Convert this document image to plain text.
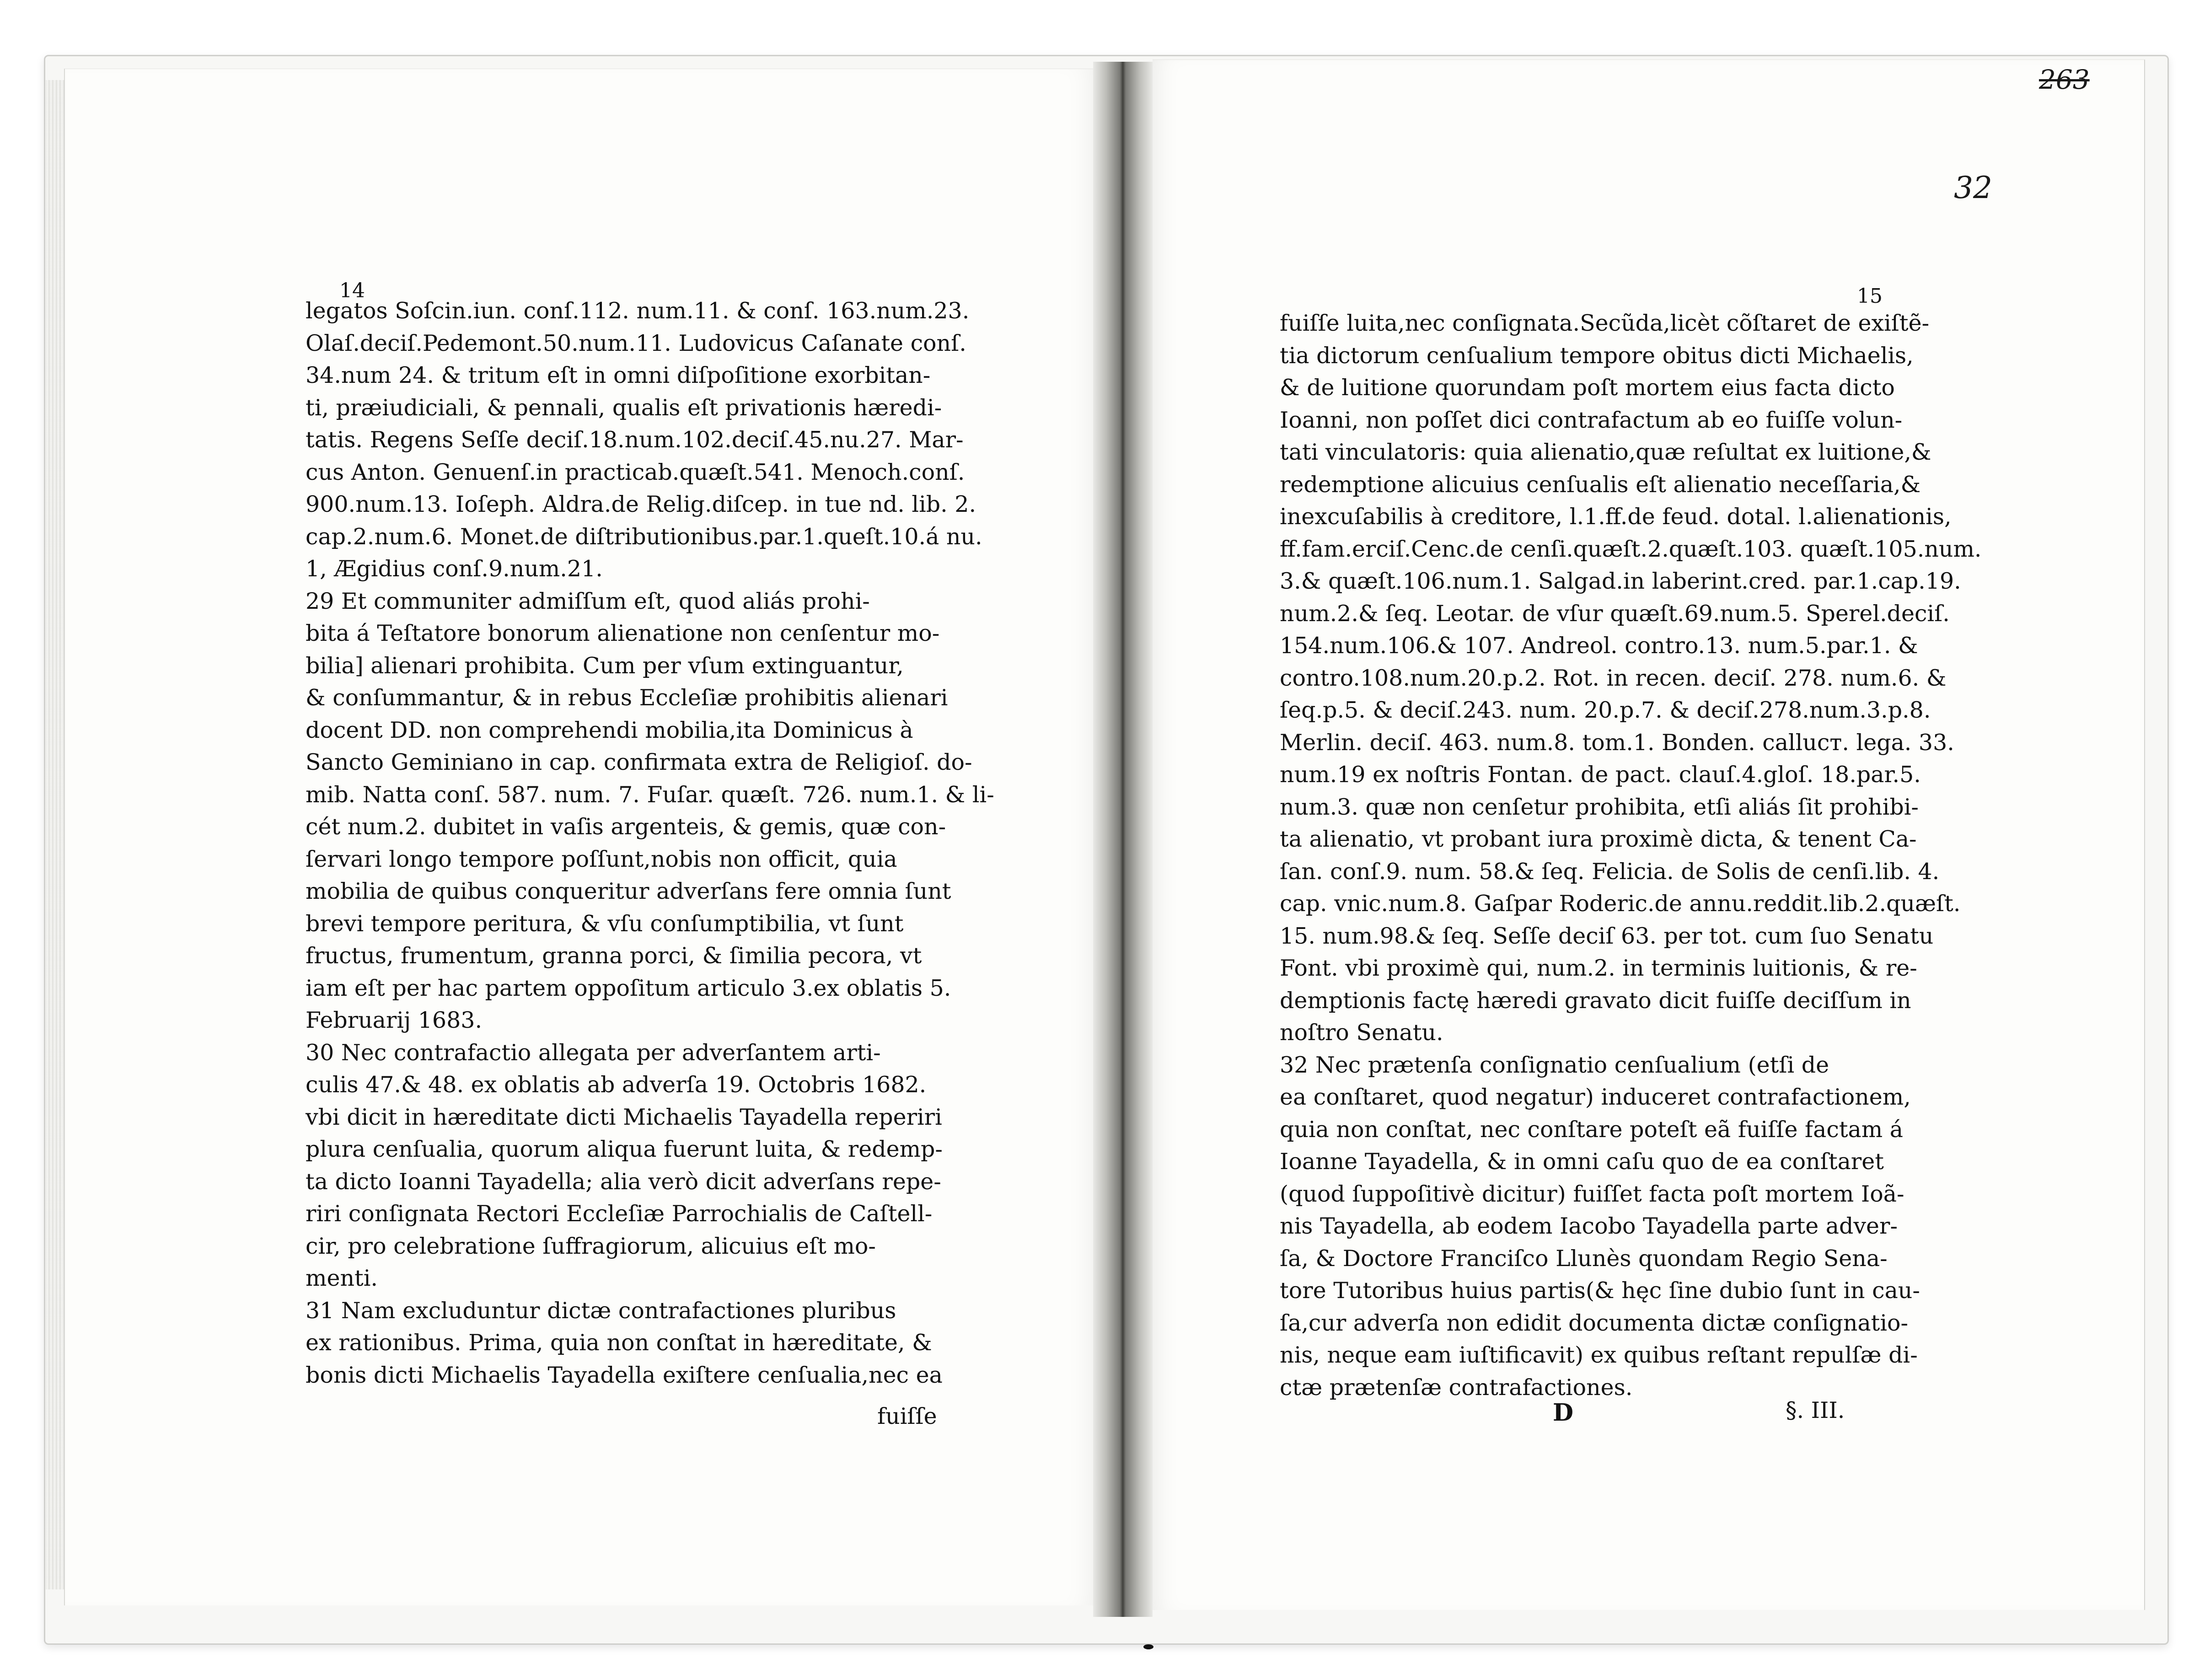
14	15
legatos Soſcin.iun. conſ.112. num.11. & conſ. 163.num.23.
Olaſ.deciſ.Pedemont.50.num.11. Ludovicus Caſanate conſ.
34.num 24. & tritum eſt in omni diſpoſitione exorbitan-
ti, præiudiciali, & pennali, qualis eſt privationis hæredi-
tatis. Regens Seſſe deciſ.18.num.102.deciſ.45.nu.27. Mar-
cus Anton. Genuenſ.in practicab.quæſt.541. Menoch.conſ.
900.num.13. Ioſeph. Aldra.de Relig.diſcep. in tue nd. lib. 2.
cap.2.num.6. Monet.de diſtributionibus.par.1.queſt.10.á nu.
1, Ægidius conſ.9.num.21.
29 Et communiter admiſſum eſt, quod aliás prohi-
bita á Teſtatore bonorum alienatione non cenſentur mo-
bilia] alienari prohibita. Cum per vſum extinguantur,
& conſummantur, & in rebus Eccleſiæ prohibitis alienari
docent DD. non comprehendi mobilia,ita Dominicus à
Sancto Geminiano in cap. confirmata extra de Religioſ. do-
mib. Natta conſ. 587. num. 7. Fuſar. quæſt. 726. num.1. & li-
cét num.2. dubitet in vaſis argenteis, & gemis, quæ con-
ſervari longo tempore poſſunt,nobis non officit, quia
mobilia de quibus conqueritur adverſans fere omnia ſunt
brevi tempore peritura, & vſu conſumptibilia, vt ſunt
fructus, frumentum, granna porci, & ſimilia pecora, vt
iam eſt per hac partem oppoſitum articulo 3.ex oblatis 5.
Februarij 1683.
30 Nec contrafactio allegata per adverſantem arti-
culis 47.& 48. ex oblatis ab adverſa 19. Octobris 1682.
vbi dicit in hæreditate dicti Michaelis Tayadella reperiri
plura cenſualia, quorum aliqua fuerunt luita, & redemp-
ta dicto Ioanni Tayadella; alia verò dicit adverſans repe-
riri conſignata Rectori Eccleſiæ Parrochialis de Caſtell-
cir, pro celebratione ſuffragiorum, alicuius eſt mo-
menti.
31 Nam excluduntur dictæ contrafactiones pluribus
ex rationibus. Prima, quia non conſtat in hæreditate, &
bonis dicti Michaelis Tayadella exiſtere cenſualia,nec ea
fuiſſe
fuiſſe luita,nec conſignata.Secũda,licèt cõſtaret de exiſtẽ-
tia dictorum cenſualium tempore obitus dicti Michaelis,
& de luitione quorundam poſt mortem eius facta dicto
Ioanni, non poſſet dici contrafactum ab eo fuiſſe volun-
tati vinculatoris: quia alienatio,quæ reſultat ex luitione,&
redemptione alicuius cenſualis eſt alienatio neceſſaria,&
inexcuſabilis à creditore, l.1.ff.de feud. dotal. l.alienationis,
ff.fam.erciſ.Cenc.de cenſi.quæſt.2.quæſt.103. quæſt.105.num.
3.& quæſt.106.num.1. Salgad.in laberint.cred. par.1.cap.19.
num.2.& ſeq. Leotar. de vſur quæſt.69.num.5. Sperel.deciſ.
154.num.106.& 107. Andreol. contro.13. num.5.par.1. &
contro.108.num.20.p.2. Rot. in recen. deciſ. 278. num.6. &
ſeq.p.5. & deciſ.243. num. 20.p.7. & deciſ.278.num.3.p.8.
Merlin. deciſ. 463. num.8. tom.1. Bonden. callucт. lega. 33.
num.19 ex noſtris Fontan. de pact. clauſ.4.gloſ. 18.par.5.
num.3. quæ non cenſetur prohibita, etſi aliás ſit prohibi-
ta alienatio, vt probant iura proximè dicta, & tenent Ca-
ſan. conſ.9. num. 58.& ſeq. Felicia. de Solis de cenſi.lib. 4.
cap. vnic.num.8. Gaſpar Roderic.de annu.reddit.lib.2.quæſt.
15. num.98.& ſeq. Seſſe deciſ 63. per tot. cum ſuo Senatu
Font. vbi proximè qui, num.2. in terminis luitionis, & re-
demptionis factę hæredi gravato dicit fuiſſe deciſſum in
noſtro Senatu.
32 Nec prætenſa conſignatio cenſualium (etſi de
ea conſtaret, quod negatur) induceret contrafactionem,
quia non conſtat, nec conſtare poteſt eã fuiſſe factam á
Ioanne Tayadella, & in omni caſu quo de ea conſtaret
(quod ſuppoſitivè dicitur) fuiſſet facta poſt mortem Ioã-
nis Tayadella, ab eodem Iacobo Tayadella parte adver-
ſa, & Doctore Franciſco Llunès quondam Regio Sena-
tore Tutoribus huius partis(& hęc ſine dubio ſunt in cau-
ſa,cur adverſa non edidit documenta dictæ conſignatio-
nis, neque eam iuſtificavit) ex quibus reſtant repulſæ di-
ctæ prætenſæ contrafactiones.
D	§. III.
263
32
